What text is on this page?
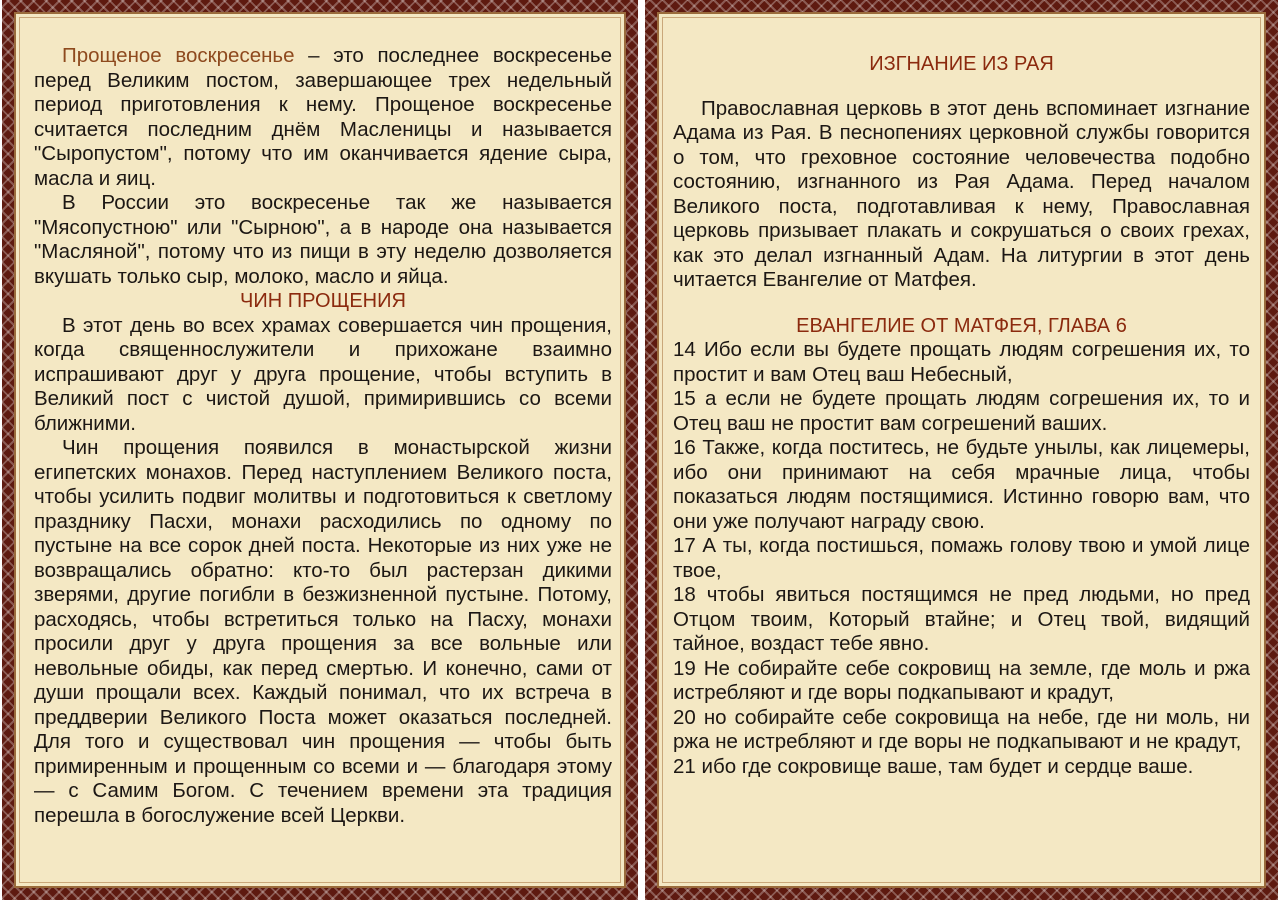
Прощеное воскресенье – это последнее воскресенье перед Великим постом, завершающее трех недельный период приготовления к нему. Прощеное воскресенье считается последним днём Масленицы и называется "Сыропустом", потому что им оканчивается ядение сыра, масла и яиц.

В России это воскресенье так же называется "Мясопустною" или "Сырною", а в народе она называется "Масляной", потому что из пищи в эту неделю дозволяется вкушать только сыр, молоко, масло и яйца.

ЧИН ПРОЩЕНИЯ

В этот день во всех храмах совершается чин прощения, когда священнослужители и прихожане взаимно испрашивают друг у друга прощение, чтобы вступить в Великий пост с чистой душой, примирившись со всеми ближними.

Чин прощения появился в монастырской жизни египетских монахов. Перед наступлением Великого поста, чтобы усилить подвиг молитвы и подготовиться к светлому празднику Пасхи, монахи расходились по одному по пустыне на все сорок дней поста. Некоторые из них уже не возвращались обратно: кто-то был растерзан дикими зверями, другие погибли в безжизненной пустыне. Потому, расходясь, чтобы встретиться только на Пасху, монахи просили друг у друга прощения за все вольные или невольные обиды, как перед смертью. И конечно, сами от души прощали всех. Каждый понимал, что их встреча в преддверии Великого Поста может оказаться последней. Для того и существовал чин прощения — чтобы быть примиренным и прощенным со всеми и — благодаря этому — с Самим Богом. С течением времени эта традиция перешла в богослужение всей Церкви.

ИЗГНАНИЕ ИЗ РАЯ

Православная церковь в этот день вспоминает изгнание Адама из Рая. В песнопениях церковной службы говорится о том, что греховное состояние человечества подобно состоянию, изгнанного из Рая Адама. Перед началом Великого поста, подготавливая к нему, Православная церковь призывает плакать и сокрушаться о своих грехах, как это делал изгнанный Адам. На литургии в этот день читается Евангелие от Матфея.

ЕВАНГЕЛИЕ ОТ МАТФЕЯ, ГЛАВА 6

14 Ибо если вы будете прощать людям согрешения их, то простит и вам Отец ваш Небесный,

15 а если не будете прощать людям согрешения их, то и Отец ваш не простит вам согрешений ваших.

16 Также, когда поститесь, не будьте унылы, как лицемеры, ибо они принимают на себя мрачные лица, чтобы показаться людям постящимися. Истинно говорю вам, что они уже получают награду свою.

17 А ты, когда постишься, помажь голову твою и умой лице твое,

18 чтобы явиться постящимся не пред людьми, но пред Отцом твоим, Который втайне; и Отец твой, видящий тайное, воздаст тебе явно.

19 Не собирайте себе сокровищ на земле, где моль и ржа истребляют и где воры подкапывают и крадут,

20 но собирайте себе сокровища на небе, где ни моль, ни ржа не истребляют и где воры не подкапывают и не крадут,

21 ибо где сокровище ваше, там будет и сердце ваше.
